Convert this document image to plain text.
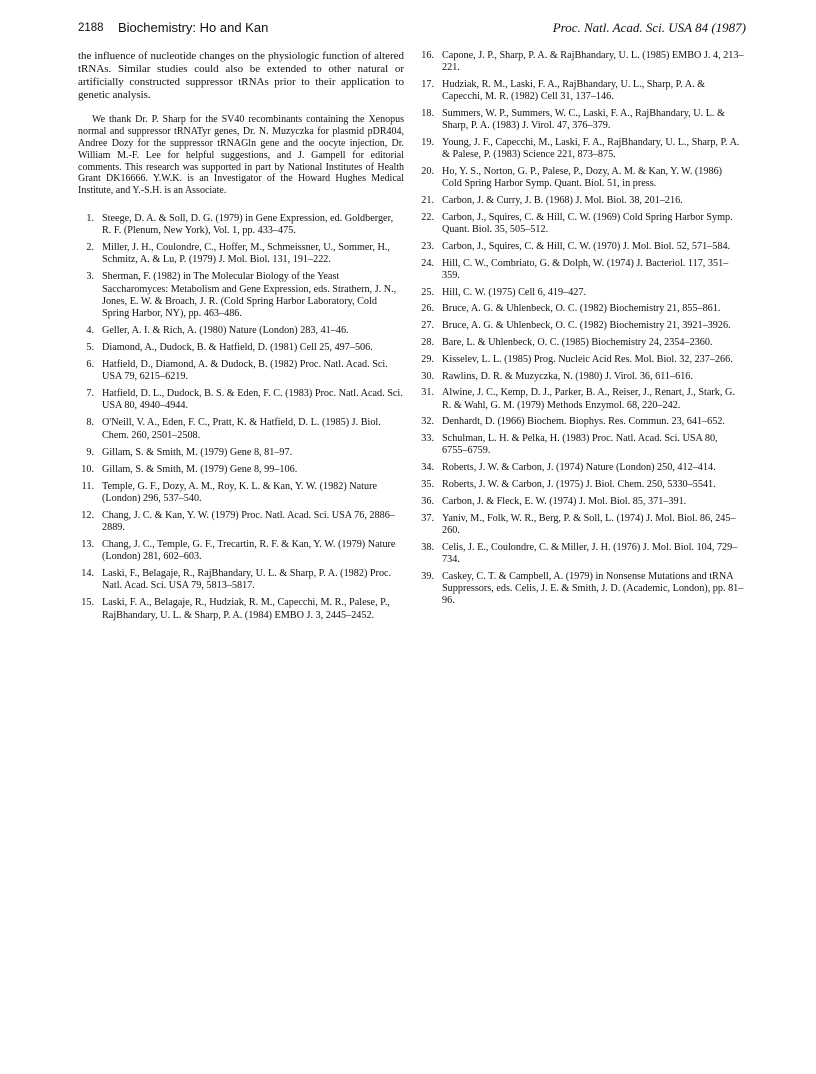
2188 Biochemistry: Ho and Kan	Proc. Natl. Acad. Sci. USA 84 (1987)

the influence of nucleotide changes on the physiologic function of altered tRNAs. Similar studies could also be extended to other natural or artificially constructed suppressor tRNAs prior to their application to genetic analysis.

We thank Dr. P. Sharp for the SV40 recombinants containing the Xenopus normal and suppressor tRNATyr genes, Dr. N. Muzyczka for plasmid pDR404, Andree Dozy for the suppressor tRNAGln gene and the oocyte injection, Dr. William M.-F. Lee for helpful suggestions, and J. Gampell for editorial comments. This research was supported in part by National Institutes of Health Grant DK16666. Y.W.K. is an Investigator of the Howard Hughes Medical Institute, and Y.-S.H. is an Associate.

1. Steege, D. A. & Soll, D. G. (1979) in Gene Expression, ed. Goldberger, R. F. (Plenum, New York), Vol. 1, pp. 433–475.
2. Miller, J. H., Coulondre, C., Hoffer, M., Schmeissner, U., Sommer, H., Schmitz, A. & Lu, P. (1979) J. Mol. Biol. 131, 191–222.
3. Sherman, F. (1982) in The Molecular Biology of the Yeast Saccharomyces: Metabolism and Gene Expression, eds. Strathern, J. N., Jones, E. W. & Broach, J. R. (Cold Spring Harbor Laboratory, Cold Spring Harbor, NY), pp. 463–486.
4. Geller, A. I. & Rich, A. (1980) Nature (London) 283, 41–46.
5. Diamond, A., Dudock, B. & Hatfield, D. (1981) Cell 25, 497–506.
6. Hatfield, D., Diamond, A. & Dudock, B. (1982) Proc. Natl. Acad. Sci. USA 79, 6215–6219.
7. Hatfield, D. L., Dudock, B. S. & Eden, F. C. (1983) Proc. Natl. Acad. Sci. USA 80, 4940–4944.
8. O'Neill, V. A., Eden, F. C., Pratt, K. & Hatfield, D. L. (1985) J. Biol. Chem. 260, 2501–2508.
9. Gillam, S. & Smith, M. (1979) Gene 8, 81–97.
10. Gillam, S. & Smith, M. (1979) Gene 8, 99–106.
11. Temple, G. F., Dozy, A. M., Roy, K. L. & Kan, Y. W. (1982) Nature (London) 296, 537–540.
12. Chang, J. C. & Kan, Y. W. (1979) Proc. Natl. Acad. Sci. USA 76, 2886–2889.
13. Chang, J. C., Temple, G. F., Trecartin, R. F. & Kan, Y. W. (1979) Nature (London) 281, 602–603.
14. Laski, F., Belagaje, R., RajBhandary, U. L. & Sharp, P. A. (1982) Proc. Natl. Acad. Sci. USA 79, 5813–5817.
15. Laski, F. A., Belagaje, R., Hudziak, R. M., Capecchi, M. R., Palese, P., RajBhandary, U. L. & Sharp, P. A. (1984) EMBO J. 3, 2445–2452.
16. Capone, J. P., Sharp, P. A. & RajBhandary, U. L. (1985) EMBO J. 4, 213–221.
17. Hudziak, R. M., Laski, F. A., RajBhandary, U. L., Sharp, P. A. & Capecchi, M. R. (1982) Cell 31, 137–146.
18. Summers, W. P., Summers, W. C., Laski, F. A., RajBhandary, U. L. & Sharp, P. A. (1983) J. Virol. 47, 376–379.
19. Young, J. F., Capecchi, M., Laski, F. A., RajBhandary, U. L., Sharp, P. A. & Palese, P. (1983) Science 221, 873–875.
20. Ho, Y. S., Norton, G. P., Palese, P., Dozy, A. M. & Kan, Y. W. (1986) Cold Spring Harbor Symp. Quant. Biol. 51, in press.
21. Carbon, J. & Curry, J. B. (1968) J. Mol. Biol. 38, 201–216.
22. Carbon, J., Squires, C. & Hill, C. W. (1969) Cold Spring Harbor Symp. Quant. Biol. 35, 505–512.
23. Carbon, J., Squires, C. & Hill, C. W. (1970) J. Mol. Biol. 52, 571–584.
24. Hill, C. W., Combriato, G. & Dolph, W. (1974) J. Bacteriol. 117, 351–359.
25. Hill, C. W. (1975) Cell 6, 419–427.
26. Bruce, A. G. & Uhlenbeck, O. C. (1982) Biochemistry 21, 855–861.
27. Bruce, A. G. & Uhlenbeck, O. C. (1982) Biochemistry 21, 3921–3926.
28. Bare, L. & Uhlenbeck, O. C. (1985) Biochemistry 24, 2354–2360.
29. Kisselev, L. L. (1985) Prog. Nucleic Acid Res. Mol. Biol. 32, 237–266.
30. Rawlins, D. R. & Muzyczka, N. (1980) J. Virol. 36, 611–616.
31. Alwine, J. C., Kemp, D. J., Parker, B. A., Reiser, J., Renart, J., Stark, G. R. & Wahl, G. M. (1979) Methods Enzymol. 68, 220–242.
32. Denhardt, D. (1966) Biochem. Biophys. Res. Commun. 23, 641–652.
33. Schulman, L. H. & Pelka, H. (1983) Proc. Natl. Acad. Sci. USA 80, 6755–6759.
34. Roberts, J. W. & Carbon, J. (1974) Nature (London) 250, 412–414.
35. Roberts, J. W. & Carbon, J. (1975) J. Biol. Chem. 250, 5330–5541.
36. Carbon, J. & Fleck, E. W. (1974) J. Mol. Biol. 85, 371–391.
37. Yaniv, M., Folk, W. R., Berg, P. & Soll, L. (1974) J. Mol. Biol. 86, 245–260.
38. Celis, J. E., Coulondre, C. & Miller, J. H. (1976) J. Mol. Biol. 104, 729–734.
39. Caskey, C. T. & Campbell, A. (1979) in Nonsense Mutations and tRNA Suppressors, eds. Celis, J. E. & Smith, J. D. (Academic, London), pp. 81–96.
